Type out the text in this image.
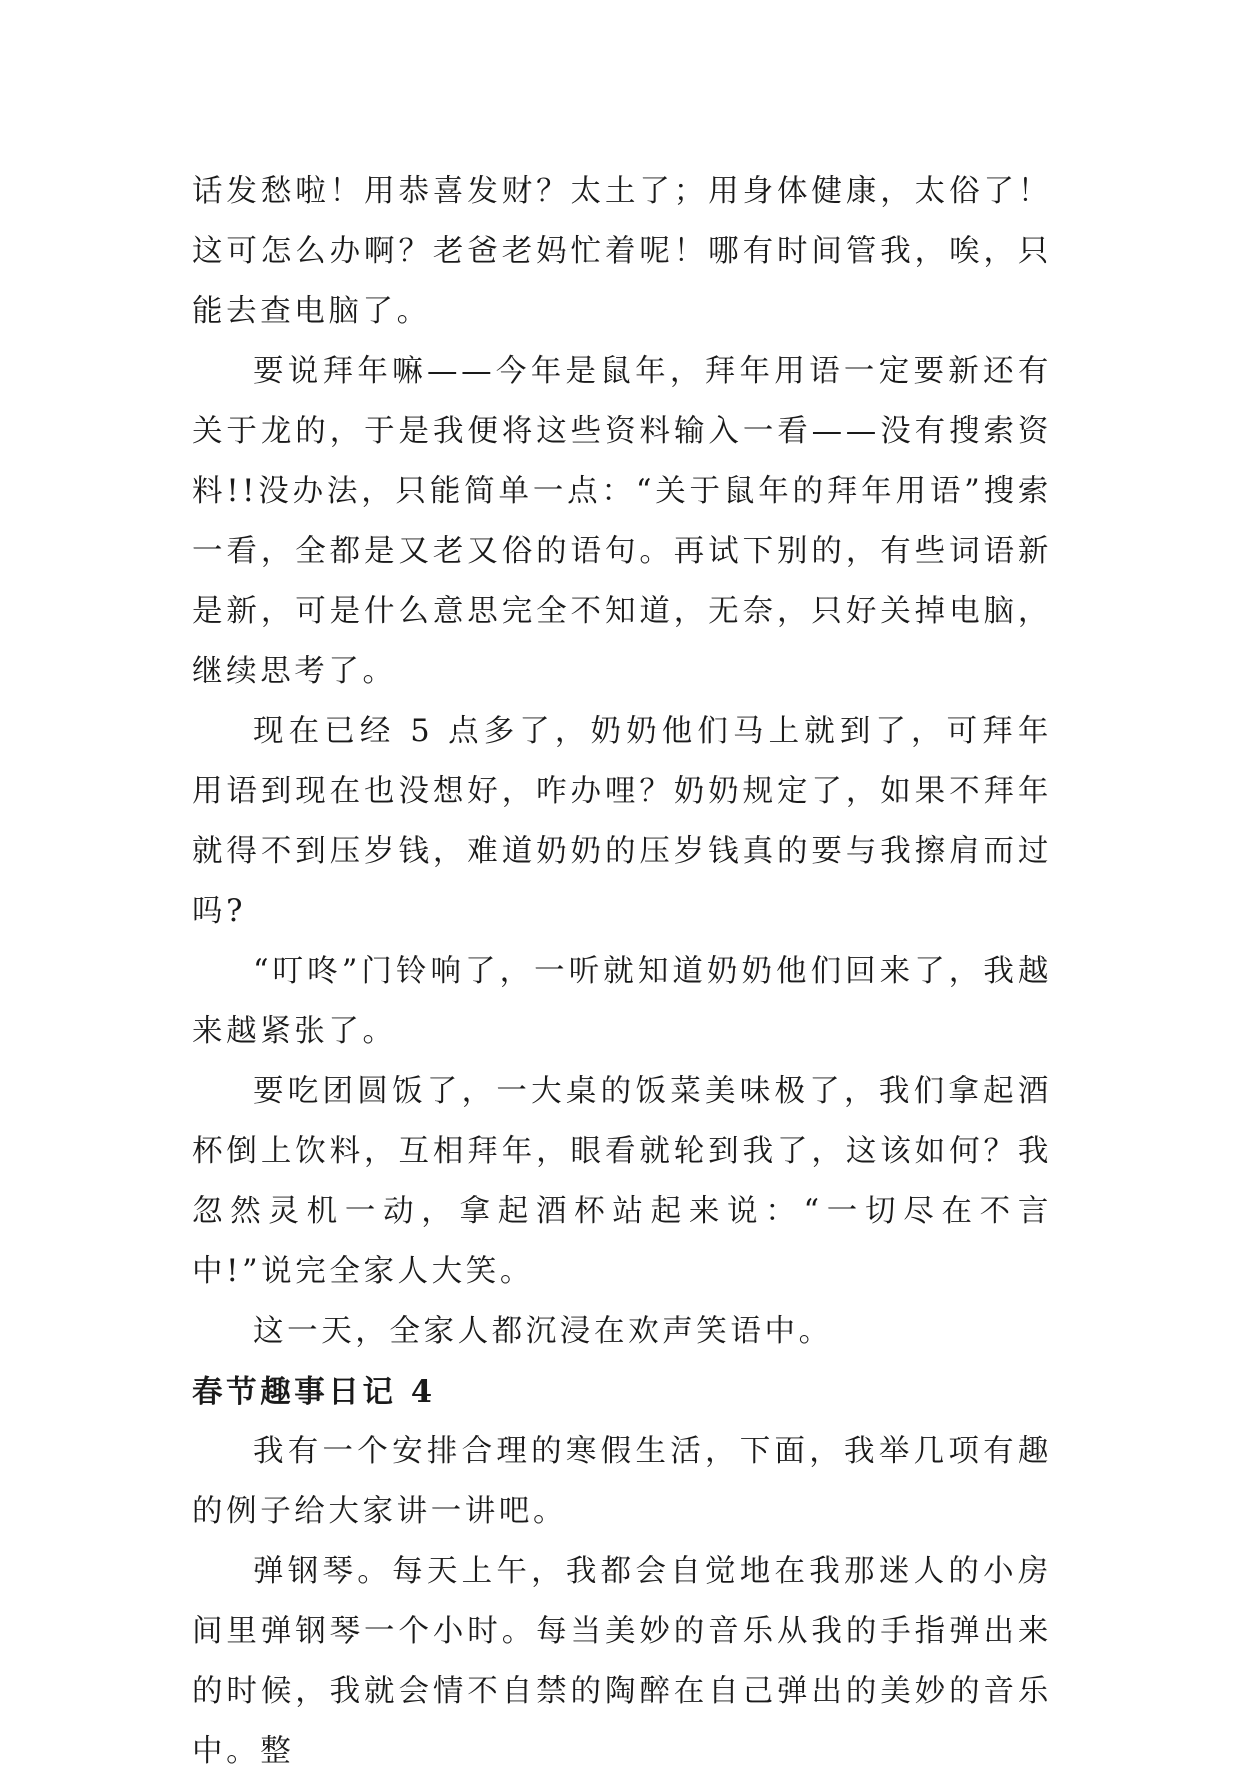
话发愁啦！用恭喜发财？太土了；用身体健康，太俗了！这可怎么办啊？老爸老妈忙着呢！哪有时间管我，唉，只能去查电脑了。

要说拜年嘛——今年是鼠年，拜年用语一定要新还有关于龙的，于是我便将这些资料输入一看——没有搜索资料!!没办法，只能简单一点：“关于鼠年的拜年用语”搜索一看，全都是又老又俗的语句。再试下别的，有些词语新是新，可是什么意思完全不知道，无奈，只好关掉电脑，继续思考了。

现在已经 5 点多了，奶奶他们马上就到了，可拜年用语到现在也没想好，咋办哩？奶奶规定了，如果不拜年就得不到压岁钱，难道奶奶的压岁钱真的要与我擦肩而过吗?

“叮咚”门铃响了，一听就知道奶奶他们回来了，我越来越紧张了。

要吃团圆饭了，一大桌的饭菜美味极了，我们拿起酒杯倒上饮料，互相拜年，眼看就轮到我了，这该如何？我忽然灵机一动，拿起酒杯站起来说：“一切尽在不言中!”说完全家人大笑。

这一天，全家人都沉浸在欢声笑语中。

春节趣事日记 4

我有一个安排合理的寒假生活，下面，我举几项有趣的例子给大家讲一讲吧。

弹钢琴。每天上午，我都会自觉地在我那迷人的小房间里弹钢琴一个小时。每当美妙的音乐从我的手指弹出来的时候，我就会情不自禁的陶醉在自己弹出的美妙的音乐中。整
